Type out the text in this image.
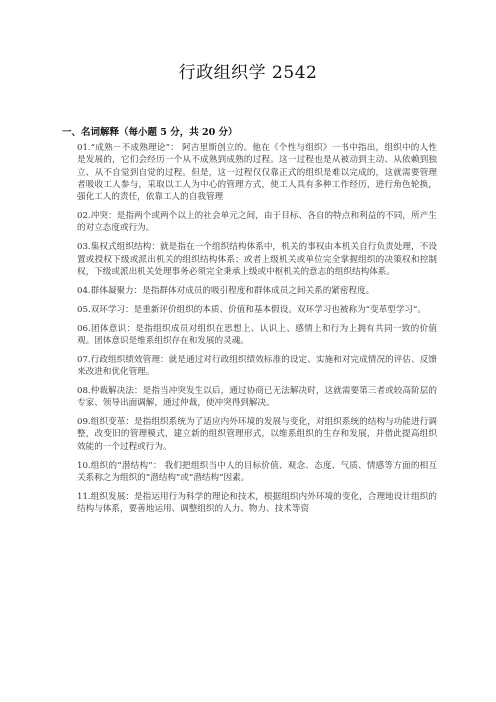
行政组织学 2542
一、名词解释（每小题 5 分，共 20 分）

01.“成熟－不成熟理论”： 阿吉里斯创立的。他在《个性与组织》一书中指出，组织中的人性是发展的，它们会经历一个从不成熟到成熟的过程。这一过程也是从被动到主动、从依赖到独立、从不自觉到自觉的过程。但是，这一过程仅仅靠正式的组织是难以完成的，这就需要管理者吸收工人参与，采取以工人为中心的管理方式，使工人具有多种工作经历，进行角色轮换，强化工人的责任，依靠工人的自我管理

02.冲突：是指两个或两个以上的社会单元之间，由于目标、各自的特点和利益的不同，所产生的对立态度或行为。

03.集权式组织结构：就是指在一个组织结构体系中，机关的事权由本机关自行负责处理，不设置或授权下级或派出机关的组织结构体系；或者上级机关或单位完全掌握组织的决策权和控制权，下级或派出机关处理事务必须完全秉承上级或中枢机关的意志的组织结构体系。

04.群体凝聚力：是指群体对成员的吸引程度和群体成员之间关系的紧密程度。

05.双环学习：是重新评价组织的本质、价值和基本假设。双环学习也被称为“变革型学习”。

06.团体意识：是指组织成员对组织在思想上、认识上、感情上和行为上拥有共同一致的价值观。团体意识是维系组织存在和发展的灵魂。

07.行政组织绩效管理：就是通过对行政组织绩效标准的设定、实施和对完成情况的评估、反馈来改进和优化管理。

08.仲裁解决法：是指当冲突发生以后，通过协商已无法解决时，这就需要第三者或较高阶层的专家、领导出面调解，通过仲裁，使冲突得到解决。

09.组织变革：是指组织系统为了适应内外环境的发展与变化，对组织系统的结构与功能进行调整，改变旧的管理模式，建立新的组织管理形式，以维系组织的生存和发展，并借此提高组织效能的一个过程或行为。

10.组织的“潜结构”： 我们把组织当中人的目标价值、观念、态度、气质、情感等方面的相互关系称之为组织的“潜结构”或“潜结构”因素。

11.组织发展：是指运用行为科学的理论和技术，根据组织内外环境的变化，合理地设计组织的结构与体系，要善地运用、调整组织的人力、物力、技术等资
